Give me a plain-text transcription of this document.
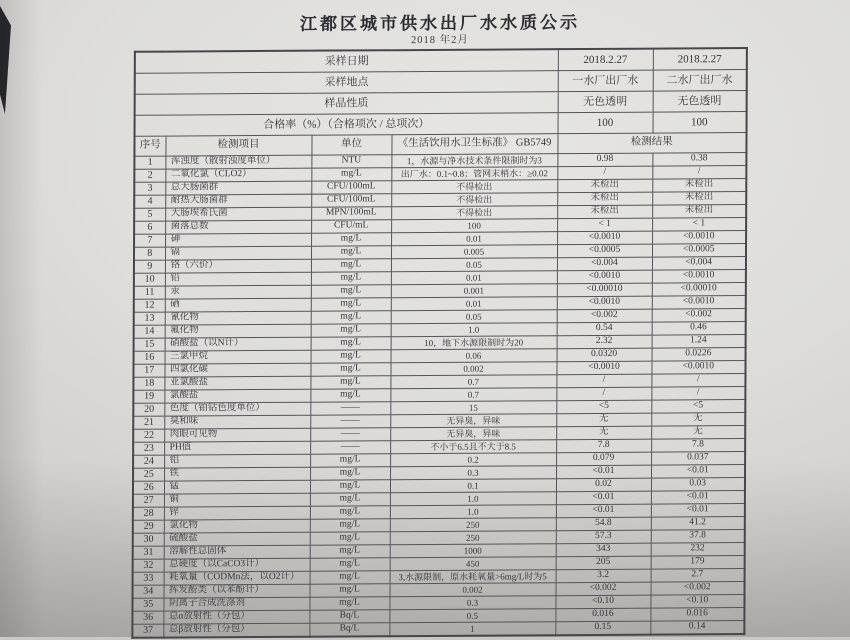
江都区城市供水出厂水水质公示
2018 年2月
采样日期				2018.2.27	2018.2.27
采样地点				一水厂出厂水	二水厂出厂水
样品性质				无色透明	无色透明
合格率（%）（合格项次 / 总项次）				100	100
序号	检测项目	单位	《生活饮用水卫生标准》 GB5749	检测结果	
1	浑浊度（散射浊度单位）	NTU	1，水源与净水技术条件限制时为3	0.98	0.38
2	二氧化氯（CLO2）	mg/L	出厂水：0.1~0.8；管网末梢水：≥0.02	/	/
3	总大肠菌群	CFU/100mL	不得检出	未检出	未检出
4	耐热大肠菌群	CFU/100mL	不得检出	未检出	未检出
5	大肠埃希氏菌	MPN/100mL	不得检出	未检出	未检出
6	菌落总数	CFU/mL	100	< 1	< 1
7	砷	mg/L	0.01	<0.0010	<0.0010
8	镉	mg/L	0.005	<0.0005	<0.0005
9	铬（六价）	mg/L	0.05	<0.004	<0.004
10	铅	mg/L	0.01	<0.0010	<0.0010
11	汞	mg/L	0.001	<0.00010	<0.00010
12	硒	mg/L	0.01	<0.0010	<0.0010
13	氰化物	mg/L	0.05	<0.002	<0.002
14	氟化物	mg/L	1.0	0.54	0.46
15	硝酸盐（以N计）	mg/L	10，地下水源限制时为20	2.32	1.24
16	三氯甲烷	mg/L	0.06	0.0320	0.0226
17	四氯化碳	mg/L	0.002	<0.0010	<0.0010
18	亚氯酸盐	mg/L	0.7	/	/
19	氯酸盐	mg/L	0.7	/	/
20	色度（铂钴色度单位）	——	15	<5	<5
21	臭和味	——	无异臭，异味	无	无
22	肉眼可见物	——	无异臭，异味	无	无
23	PH值	——	不小于6.5且不大于8.5	7.8	7.8
24	铝	mg/L	0.2	0.079	0.037
25	铁	mg/L	0.3	<0.01	<0.01
26	锰	mg/L	0.1	0.02	0.03
27	铜	mg/L	1.0	<0.01	<0.01
28	锌	mg/L	1.0	<0.01	<0.01
29	氯化物	mg/L	250	54.8	41.2
30	硫酸盐	mg/L	250	57.3	37.8
31	溶解性总固体	mg/L	1000	343	232
32	总硬度（以CaCO3计）	mg/L	450	205	179
33	耗氧量（CODMn法，以O2计）	mg/L	3,水源限制，原水耗氧量>6mg/L时为5	3.2	2.7
34	挥发酚类（以苯酚计）	mg/L	0.002	<0.002	<0.002
35	阴离子合成洗涤剂	mg/L	0.3	<0.10	<0.10
36	总α放射性（分包）	Bq/L	0.5	0.016	0.016
37	总β放射性（分包）	Bq/L	1	0.15	0.14
